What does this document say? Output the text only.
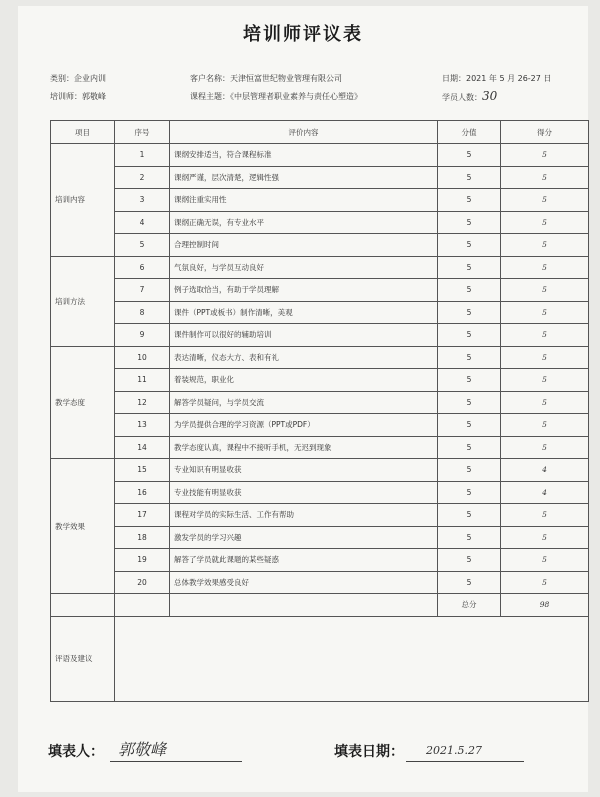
培训师评议表
类别：企业内训	客户名称：天津恒富世纪物业管理有限公司	日期：2021 年 5 月 26-27 日
培训师：郭敬峰	课程主题：《中层管理者职业素养与责任心塑造》	学员人数：30
项目	序号	评价内容	分值	得分
培训内容	1	课纲安排适当，符合课程标准	5	5
	2	课纲严谨，层次清楚，逻辑性强	5	5
	3	课纲注重实用性	5	5
	4	课纲正确无误，有专业水平	5	5
	5	合理控制时间	5	5
培训方法	6	气氛良好，与学员互动良好	5	5
	7	例子选取恰当，有助于学员理解	5	5
	8	课件（PPT或板书）制作清晰，美观	5	5
	9	课件制作可以很好的辅助培训	5	5
教学态度	10	表达清晰，仪态大方、表和有礼	5	5
	11	着装规范，职业化	5	5
	12	解答学员疑问，与学员交流	5	5
	13	为学员提供合理的学习资源（PPT或PDF）	5	5
	14	教学态度认真，课程中不接听手机，无迟到现象	5	5
教学效果	15	专业知识有明显收获	5	4
	16	专业技能有明显收获	5	4
	17	课程对学员的实际生活、工作有帮助	5	5
	18	激发学员的学习兴趣	5	5
	19	解答了学员就此课题的某些疑惑	5	5
	20	总体教学效果感受良好	5	5
			总分	98
评语及建议				
填表人： 郭敬峰	填表日期： 2021.5.27
